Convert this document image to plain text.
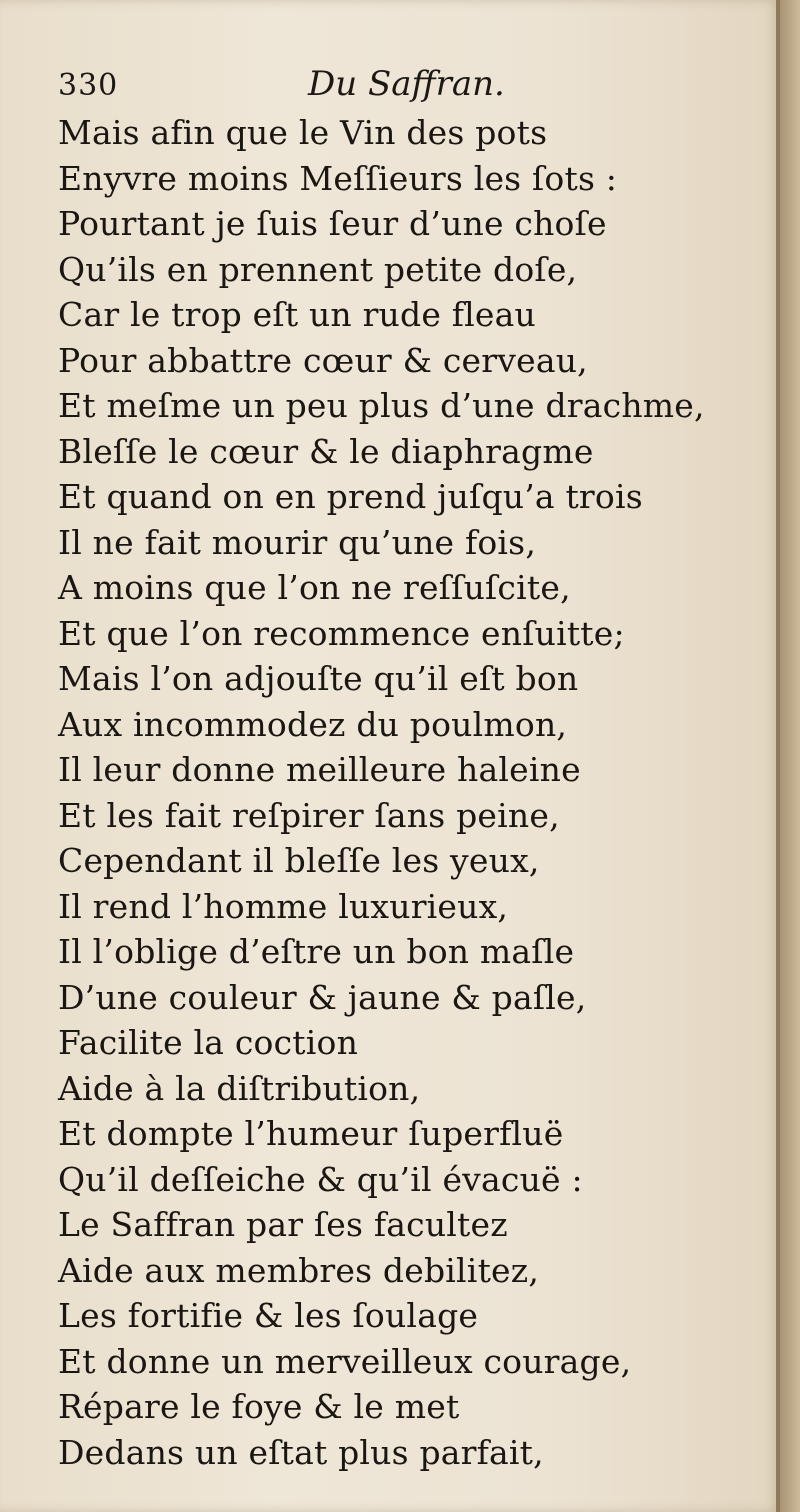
330	Du Saffran.
Mais afin que le Vin des pots
Enyvre moins Meſſieurs les ſots :
Pourtant je ſuis ſeur d’une choſe
Qu’ils en prennent petite doſe,
Car le trop eſt un rude fleau
Pour abbattre cœur & cerveau,
Et meſme un peu plus d’une drachme,
Bleſſe le cœur & le diaphragme
Et quand on en prend juſqu’a trois
Il ne fait mourir qu’une fois,
A moins que l’on ne reſſuſcite,
Et que l’on recommence enſuitte;
Mais l’on adjouſte qu’il eſt bon
Aux incommodez du poulmon,
Il leur donne meilleure haleine
Et les fait reſpirer ſans peine,
Cependant il bleſſe les yeux,
Il rend l’homme luxurieux,
Il l’oblige d’eſtre un bon maſle
D’une couleur & jaune & paſle,
Facilite la coction
Aide à la diſtribution,
Et dompte l’humeur ſuperfluë
Qu’il deſſeiche & qu’il évacuë :
Le Saffran par ſes facultez
Aide aux membres debilitez,
Les fortifie & les ſoulage
Et donne un merveilleux courage,
Répare le foye & le met
Dedans un eſtat plus parfait,
